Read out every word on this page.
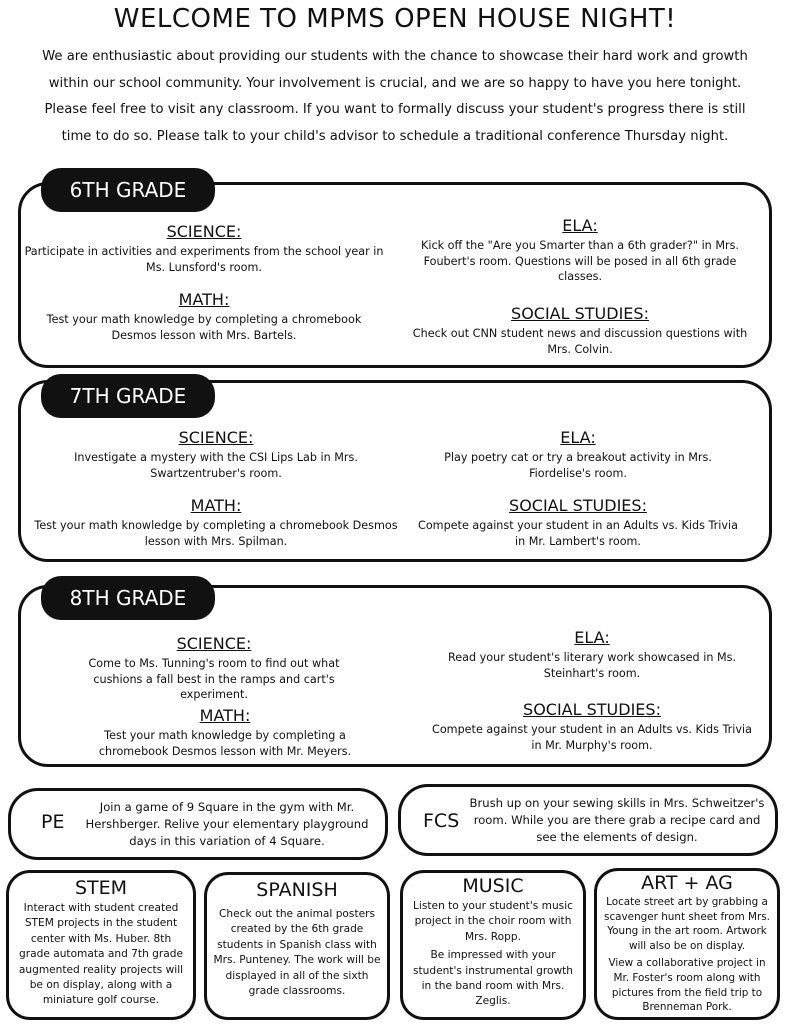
WELCOME TO MPMS OPEN HOUSE NIGHT!

We are enthusiastic about providing our students with the chance to showcase their hard work and growth within our school community. Your involvement is crucial, and we are so happy to have you here tonight. Please feel free to visit any classroom. If you want to formally discuss your student's progress there is still time to do so. Please talk to your child's advisor to schedule a traditional conference Thursday night.

6TH GRADE

SCIENCE:

Participate in activities and experiments from the school year in Ms. Lunsford's room.

MATH:

Test your math knowledge by completing a chromebook Desmos lesson with Mrs. Bartels.

ELA:

Kick off the "Are you Smarter than a 6th grader?" in Mrs. Foubert's room. Questions will be posed in all 6th grade classes.

SOCIAL STUDIES:

Check out CNN student news and discussion questions with Mrs. Colvin.

7TH GRADE

SCIENCE:

Investigate a mystery with the CSI Lips Lab in Mrs. Swartzentruber's room.

MATH:

Test your math knowledge by completing a chromebook Desmos lesson with Mrs. Spilman.

ELA:

Play poetry cat or try a breakout activity in Mrs. Fiordelise's room.

SOCIAL STUDIES:

Compete against your student in an Adults vs. Kids Trivia in Mr. Lambert's room.

8TH GRADE

SCIENCE:

Come to Ms. Tunning's room to find out what cushions a fall best in the ramps and cart's experiment.

MATH:

Test your math knowledge by completing a chromebook Desmos lesson with Mr. Meyers.

ELA:

Read your student's literary work showcased in Ms. Steinhart's room.

SOCIAL STUDIES:

Compete against your student in an Adults vs. Kids Trivia in Mr. Murphy's room.

PE

Join a game of 9 Square in the gym with Mr. Hershberger. Relive your elementary playground days in this variation of 4 Square.

FCS

Brush up on your sewing skills in Mrs. Schweitzer's room. While you are there grab a recipe card and see the elements of design.

STEM

Interact with student created STEM projects in the student center with Ms. Huber. 8th grade automata and 7th grade augmented reality projects will be on display, along with a miniature golf course.

SPANISH

Check out the animal posters created by the 6th grade students in Spanish class with Mrs. Punteney. The work will be displayed in all of the sixth grade classrooms.

MUSIC

Listen to your student's music project in the choir room with Mrs. Ropp.

Be impressed with your student's instrumental growth in the band room with Mrs. Zeglis.

ART + AG

Locate street art by grabbing a scavenger hunt sheet from Mrs. Young in the art room. Artwork will also be on display.

View a collaborative project in Mr. Foster's room along with pictures from the field trip to Brenneman Pork.
